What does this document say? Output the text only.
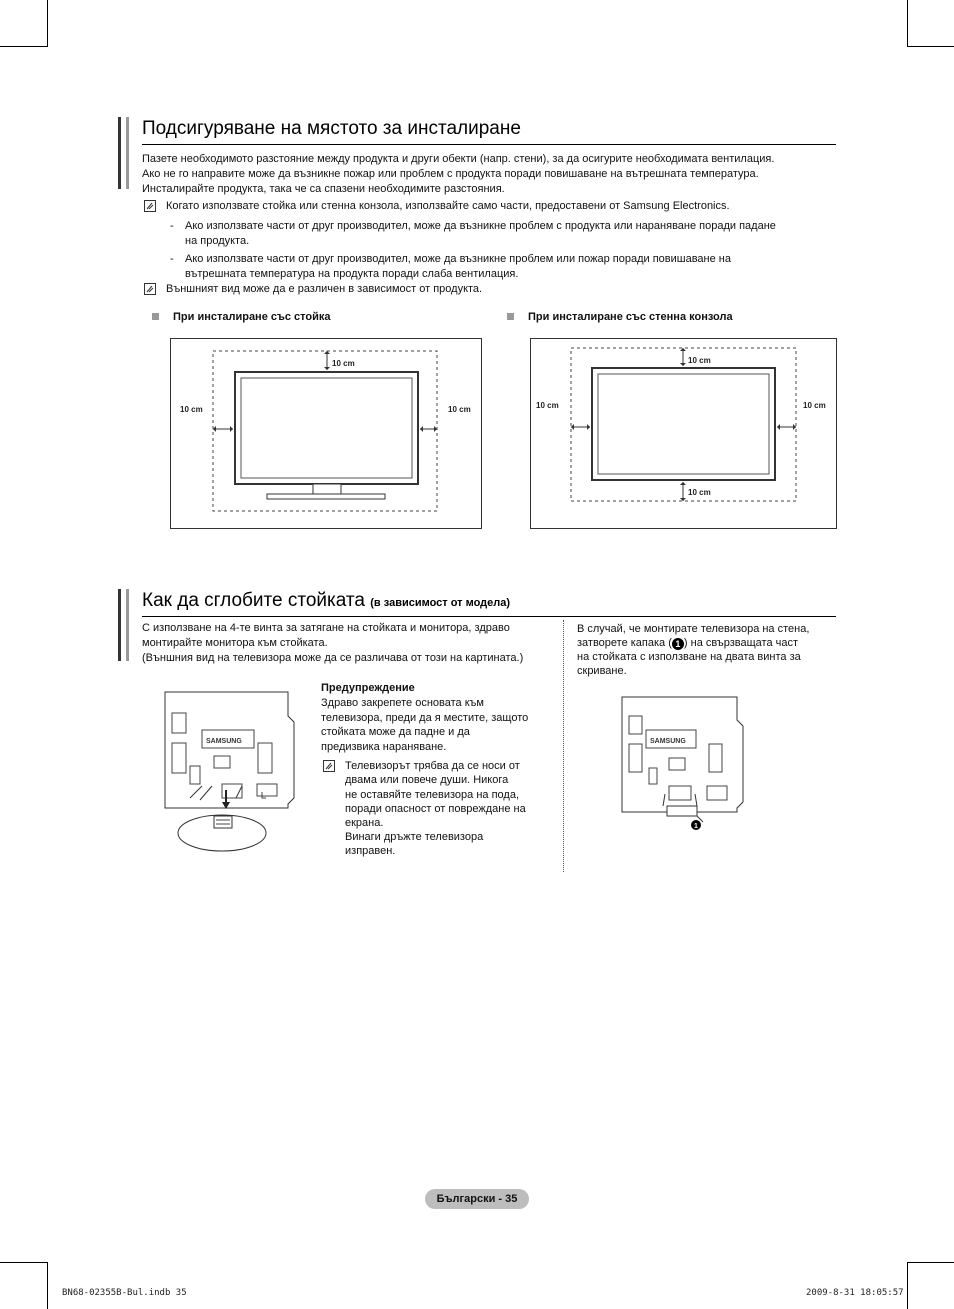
Подсигуряване на мястото за инсталиране

Пазете необходимото разстояние между продукта и други обекти (напр. стени), за да осигурите необходимата вентилация.

Ако не го направите може да възникне пожар или проблем с продукта поради повишаване на вътрешната температура.

Инсталирайте продукта, така че са спазени необходимите разстояния.

Когато използвате стойка или стенна конзола, използвайте само части, предоставени от Samsung Electronics.

- Ако използвате части от друг производител, може да възникне проблем с продукта или нараняване поради падане

на продукта.

- Ако използвате части от друг производител, може да възникне проблем или пожар поради повишаване на

вътрешната температура на продукта поради слаба вентилация.

Външният вид може да е различен в зависимост от продукта.

При инсталиране със стойка	При инсталиране със стенна конзола
10 cm
10 cm	10 cm
10 cm
10 cm
10 cm	10 cm
Как да сглобите стойката (в зависимост от модела)

С използване на 4-те винта за затягане на стойката и монитора, здраво

монтирайте монитора към стойката.

(Външния вид на телевизора може да се различава от този на картината.)

SAMSUNG
Предупреждение

Здраво закрепете основата към

телевизора, преди да я местите, защото

стойката може да падне и да

предизвика нараняване.

Телевизорът трябва да се носи от

двама или повече души. Никога

не оставяйте телевизора на пода,

поради опасност от повреждане на

екрана.

Винаги дръжте телевизора

изправен.

В случай, че монтирате телевизора на стена,

затворете капака ( 1 ) на свързващата част

на стойката с използване на двата винта за

скриване.

SAMSUNG
1
Български - 35
BN68-02355B-Bul.indb 35	2009-8-31 18:05:57
